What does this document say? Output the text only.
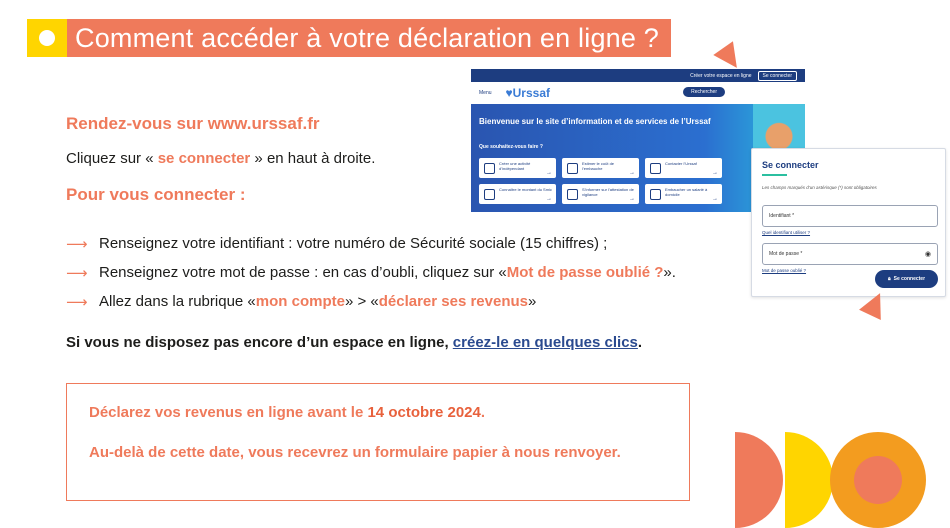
Comment accéder à votre déclaration en ligne ?
Rendez-vous sur www.urssaf.fr
Cliquez sur « se connecter » en haut à droite.
Pour vous connecter :
⟶ Renseignez votre identifiant : votre numéro de Sécurité sociale (15 chiffres) ;
⟶ Renseignez votre mot de passe : en cas d’oubli, cliquez sur « Mot de passe oublié ? ».
⟶ Allez dans la rubrique « mon compte » > « déclarer ses revenus »
Si vous ne disposez pas encore d’un espace en ligne, créez-le en quelques clics.

Déclarez vos revenus en ligne avant le 14 octobre 2024.

Au-delà de cette date, vous recevrez un formulaire papier à nous renvoyer.

Créer votre espace en ligne	Se connecter
Menu ♥Urssaf	Rechercher
Bienvenue sur le site d’information et de services de l’Urssaf
Que souhaitez-vous faire ?
Créer une activité d’indépendant →
Estimer le coût de l’embauche →
Contacter l’Urssaf →
Connaître le montant du Smic →	S’informer sur l’attestation de vigilance →
Embaucher un salarié à domicile →
Se connecter
Les champs marqués d’un astérisque (*) sont obligatoires
Identifiant *
Quel identifiant utiliser ?
Mot de passe *	◉
Mot de passe oublié ?
🔒︎ Se connecter
